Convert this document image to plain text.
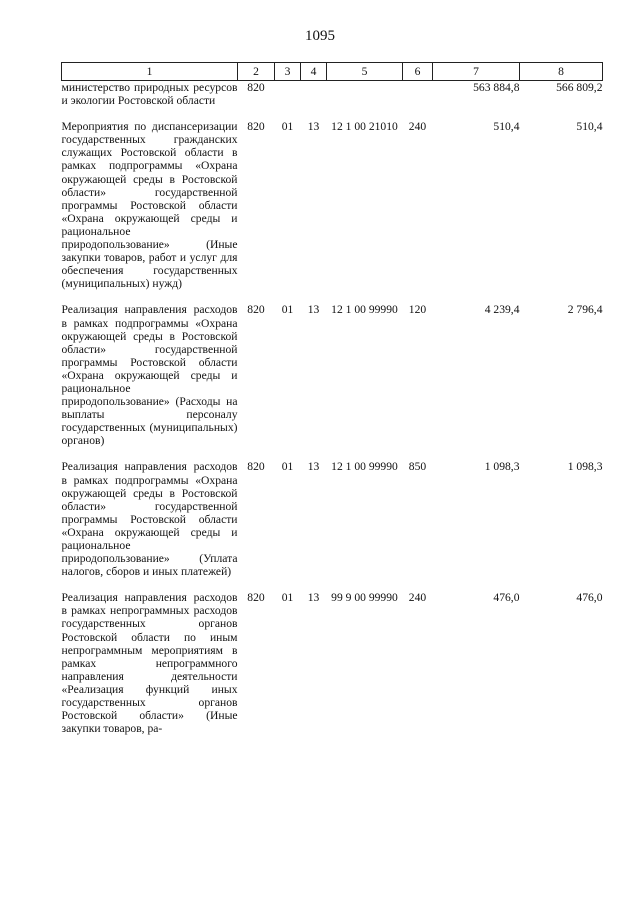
1095
1	2	3	4	5	6	7	8
министерство природных ресурсов и экологии Ростовской области	820					563 884,8	566 809,2

Мероприятия по диспансеризации государственных гражданских служащих Ростовской области в рамках подпрограммы «Охрана окружающей среды в Ростовской области» государственной программы Ростовской области «Охрана окружающей среды и рациональное природопользование» (Иные закупки товаров, работ и услуг для обеспечения государственных (муниципальных) нужд)	820	01	13	12 1 00 21010	240	510,4	510,4

Реализация направления расходов в рамках подпрограммы «Охрана окружающей среды в Ростовской области» государственной программы Ростовской области «Охрана окружающей среды и рациональное природопользование» (Расходы на выплаты персоналу государственных (муниципальных) органов)	820	01	13	12 1 00 99990	120	4 239,4	2 796,4

Реализация направления расходов в рамках подпрограммы «Охрана окружающей среды в Ростовской области» государственной программы Ростовской области «Охрана окружающей среды и рациональное природопользование» (Уплата налогов, сборов и иных платежей)	820	01	13	12 1 00 99990	850	1 098,3	1 098,3

Реализация направления расходов в рамках непрограммных расходов государственных органов Ростовской области по иным непрограммным мероприятиям в рамках непрограммного направления деятельности «Реализация функций иных государственных органов Ростовской области» (Иные закупки товаров, ра-	820	01	13	99 9 00 99990	240	476,0	476,0
